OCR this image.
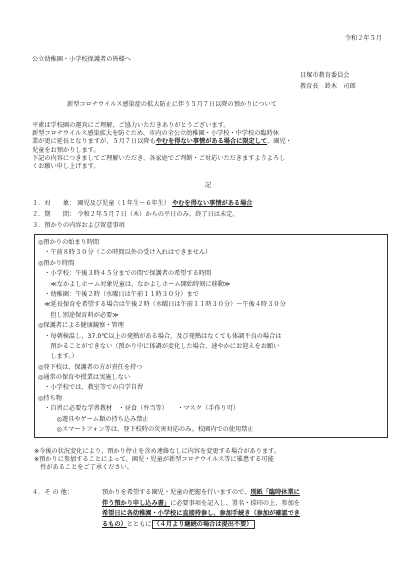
令和２年５月
公立幼稚園・小学校保護者の皆様へ
目塚市教育委員会
教育長　鈴木　司郎
新型コロナウイルス感染症の拡大防止に伴う５月７日以降の預かりについて
平素は学校園の運営にご理解、ご協力いただきありがとうございます。
新型コロナウイルス感染拡大を防ぐため、市内の全公立幼稚園・小学校・中学校の臨時休
業が更に延長となりますが、５月７日以降もやむを得ない事情がある場合に限定して、園児・
児童をお預かりします。
下記の内容につきましてご理解いただき、各家庭でご判断・ご対応いただきますようよろし
くお願い申し上げます。
記
１．対　　象： 園児及び児童（１年生～６年生） やむを得ない事情がある場合
２．期　　間： 令和２年５月７日（木）からの平日のみ。終了日は未定。
３．預かりの内容および留意事項
◎預かりの始まり時間
　・午前８時３０分（この時間以外の受け入れはできません）
◎預かり時間
　・小学校：午後３時４５分までの間で保護者の希望する時間
　　≪なかよしホーム対象児童は、なかよしホーム開始時刻に移動≫
　・幼稚園：午後２時（水曜日は午前１１時３０分）まで
　≪延長保育を希望する場合は午後２時（水曜日は午前１１時３０分）～午後４時３０分
　　但し別途保育料が必要≫
◎保護者による健康観察・管理
　・毎朝検温し、37.0℃以上の発熱がある場合、及び発熱はなくても体調不良の場合は
　　預かることができない（預かり中に体調が変化した場合、速やかにお迎えをお願い
　　します。）
◎登下校は、保護者の方が責任を持つ
◎通常の保育や授業は実施しない
　・小学校では、教室等での自学自習
◎持ち物
　・自習に必要な学習教材　・昼食（弁当等）　　・マスク（手作り可）
　　　◎遊具やゲーム類の持ち込み禁止
　　　◎スマートフォン等は、登下校時の災害対応のみ。校園内での使用禁止
※今後の状況変化により、預かり停止を含め連絡なしに内容を変更する場合があります。
※預かりに参加することによって、園児・児童が新型コロナウイルス等に罹患する可能
　性があることをご了承ください。
４．そ の 他：	預かりを希望する園児・児童の把握を行いますので、別紙「臨時休業に
伴う預かり申し込み書」に必要事項を記入し、署名・捺印の上、参加を
希望日に各幼稚園・小学校に直接持参し、参加手続き（参加が確認でき
るもの）とともに （４月より継続の場合は提出不要）
